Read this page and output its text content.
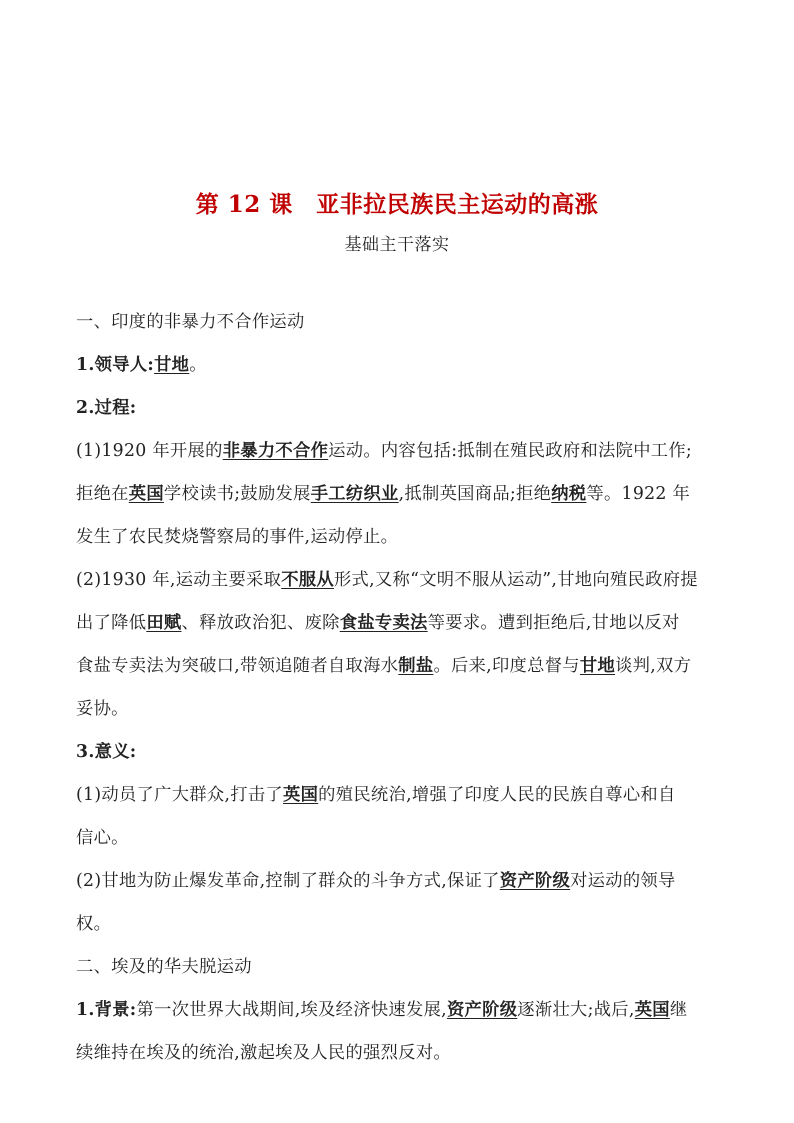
第 12 课　亚非拉民族民主运动的高涨
基础主干落实
一、印度的非暴力不合作运动
1.领导人:甘地。
2.过程:
(1)1920 年开展的非暴力不合作运动。内容包括:抵制在殖民政府和法院中工作;
拒绝在英国学校读书;鼓励发展手工纺织业,抵制英国商品;拒绝纳税等。1922 年
发生了农民焚烧警察局的事件,运动停止。
(2)1930 年,运动主要采取不服从形式,又称“文明不服从运动”,甘地向殖民政府提
出了降低田赋、释放政治犯、废除食盐专卖法等要求。遭到拒绝后,甘地以反对
食盐专卖法为突破口,带领追随者自取海水制盐。后来,印度总督与甘地谈判,双方
妥协。
3.意义:
(1)动员了广大群众,打击了英国的殖民统治,增强了印度人民的民族自尊心和自
信心。
(2)甘地为防止爆发革命,控制了群众的斗争方式,保证了资产阶级对运动的领导
权。
二、埃及的华夫脱运动
1.背景:第一次世界大战期间,埃及经济快速发展,资产阶级逐渐壮大;战后,英国继
续维持在埃及的统治,激起埃及人民的强烈反对。
